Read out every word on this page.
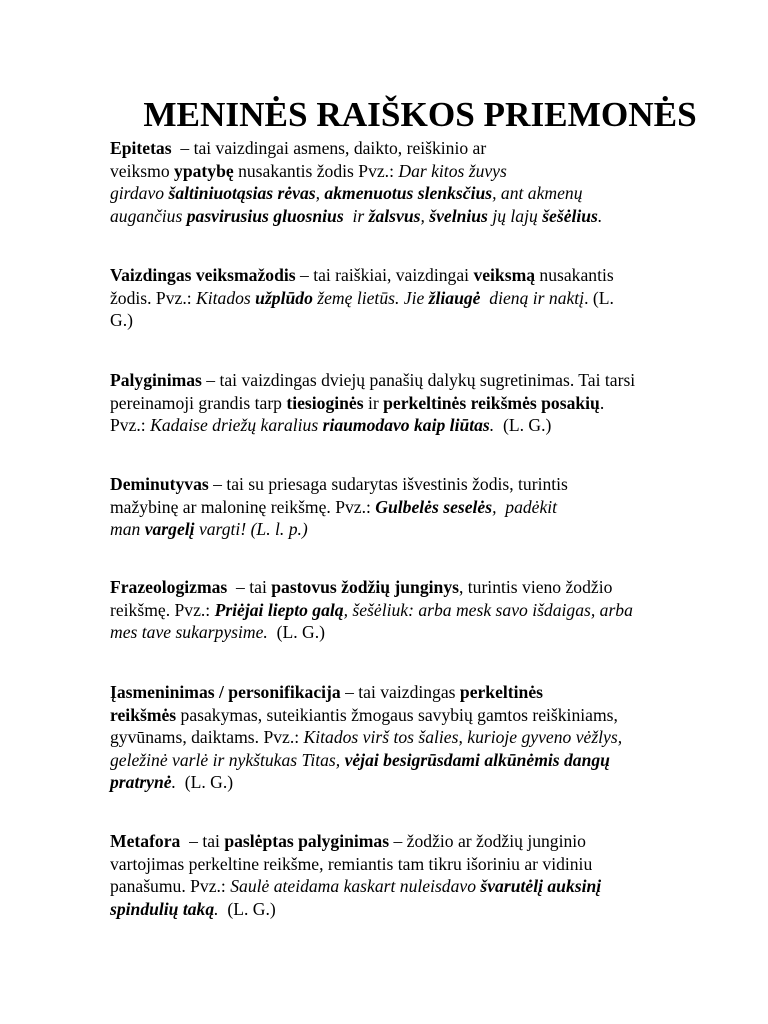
MENINĖS RAIŠKOS PRIEMONĖS

Epitetas  – tai vaizdingai asmens, daikto, reiškinio ar
veiksmo ypatybę nusakantis žodis Pvz.: Dar kitos žuvys
girdavo šaltiniuotąsias rėvas, akmenuotus slenksčius, ant akmenų
augančius pasvirusius gluosnius  ir žalsvus, švelnius jų lajų šešėlius.

Vaizdingas veiksmažodis – tai raiškiai, vaizdingai veiksmą nusakantis
žodis. Pvz.: Kitados užplūdo žemę lietūs. Jie žliaugė  dieną ir naktį. (L.
G.)

Palyginimas – tai vaizdingas dviejų panašių dalykų sugretinimas. Tai tarsi
pereinamoji grandis tarp tiesioginės ir perkeltinės reikšmės posakių.
Pvz.: Kadaise driežų karalius riaumodavo kaip liūtas.  (L. G.)

Deminutyvas – tai su priesaga sudarytas išvestinis žodis, turintis
mažybinę ar maloninę reikšmę. Pvz.: Gulbelės seselės,  padėkit
man vargelį vargti! (L. l. p.)

Frazeologizmas  – tai pastovus žodžių junginys, turintis vieno žodžio
reikšmę. Pvz.: Priėjai liepto galą, šešėliuk: arba mesk savo išdaigas, arba
mes tave sukarpysime.  (L. G.)

Įasmeninimas / personifikacija – tai vaizdingas perkeltinės
reikšmės pasakymas, suteikiantis žmogaus savybių gamtos reiškiniams,
gyvūnams, daiktams. Pvz.: Kitados virš tos šalies, kurioje gyveno vėžlys,
geležinė varlė ir nykštukas Titas, vėjai besigrūsdami alkūnėmis dangų
pratrynė.  (L. G.)

Metafora  – tai paslėptas palyginimas – žodžio ar žodžių junginio
vartojimas perkeltine reikšme, remiantis tam tikru išoriniu ar vidiniu
panašumu. Pvz.: Saulė ateidama kaskart nuleisdavo švarutėlį auksinį
spindulių taką.  (L. G.)
